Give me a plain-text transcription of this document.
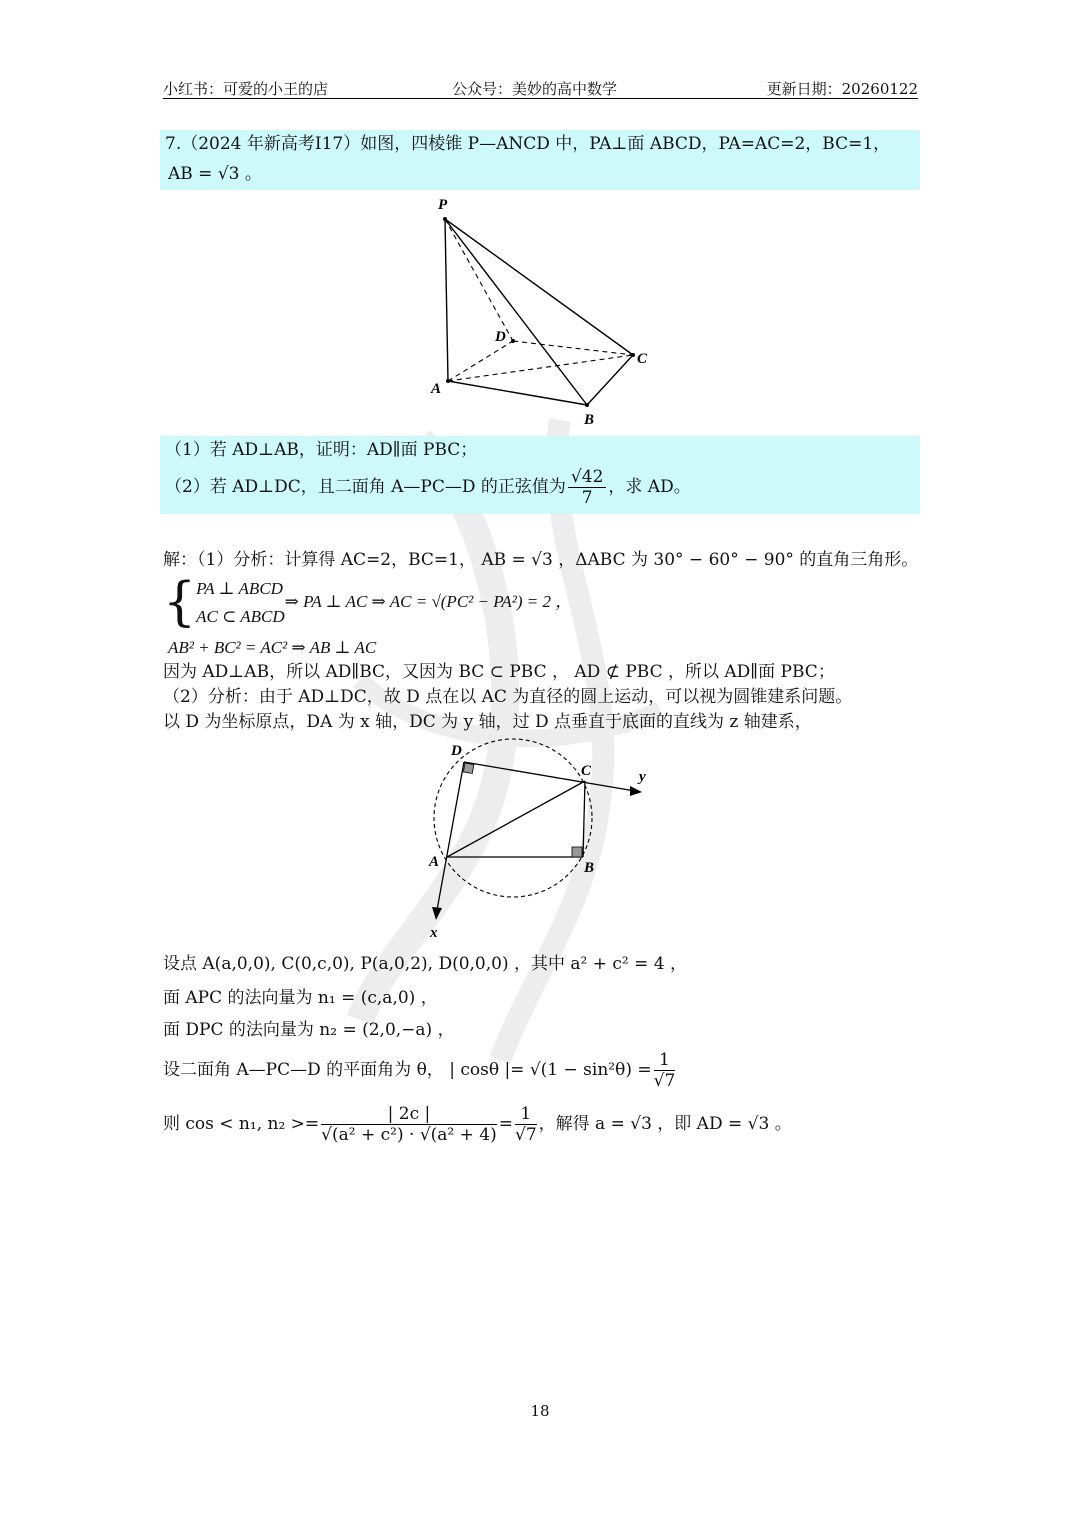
小红书：可爱的小王的店	公众号：美妙的高中数学	更新日期：20260122
7.（2024 年新高考Ⅰ17）如图，四棱锥 P—ANCD 中，PA⊥面 ABCD，PA=AC=2，BC=1，
AB = √3 。
P
D
C
A
B
（1）若 AD⊥AB，证明：AD∥面 PBC；
（2）若 AD⊥DC，且二面角 A—PC—D 的正弦值为 $\frac{√42}{7}$ ，求 AD。
解：（1）分析：计算得 AC=2，BC=1， AB = √3 ，ΔABC 为 30° − 60° − 90° 的直角三角形。
{ PA ⊥ ABCD
AC ⊂ ABCD
⇒ PA ⊥ AC ⇒ AC = √(PC² − PA²) = 2 ，
AB² + BC² = AC² ⇒ AB ⊥ AC
因为 AD⊥AB，所以 AD∥BC，又因为 BC ⊂ PBC ， AD ⊄ PBC ，所以 AD∥面 PBC；
（2）分析：由于 AD⊥DC，故 D 点在以 AC 为直径的圆上运动，可以视为圆锥建系问题。
以 D 为坐标原点，DA 为 x 轴，DC 为 y 轴，过 D 点垂直于底面的直线为 z 轴建系，
D
C	y
A	B
x
设点 A(a,0,0), C(0,c,0), P(a,0,2), D(0,0,0) ，其中 a² + c² = 4 ，
面 APC 的法向量为 n₁ = (c,a,0) ，
面 DPC 的法向量为 n₂ = (2,0,−a) ，
设二面角 A—PC—D 的平面角为 θ， | cosθ |= $√(1 - \sin^2\theta) = \frac{1}{√7}$
则 cos < n₁, $n_2 >= \frac{| 2c |}{\text{√(a² + c²) · √(a² + 4)}} = \frac{1}{√7}$ ，解得 a = √3 ，即 AD = √3 。
18
